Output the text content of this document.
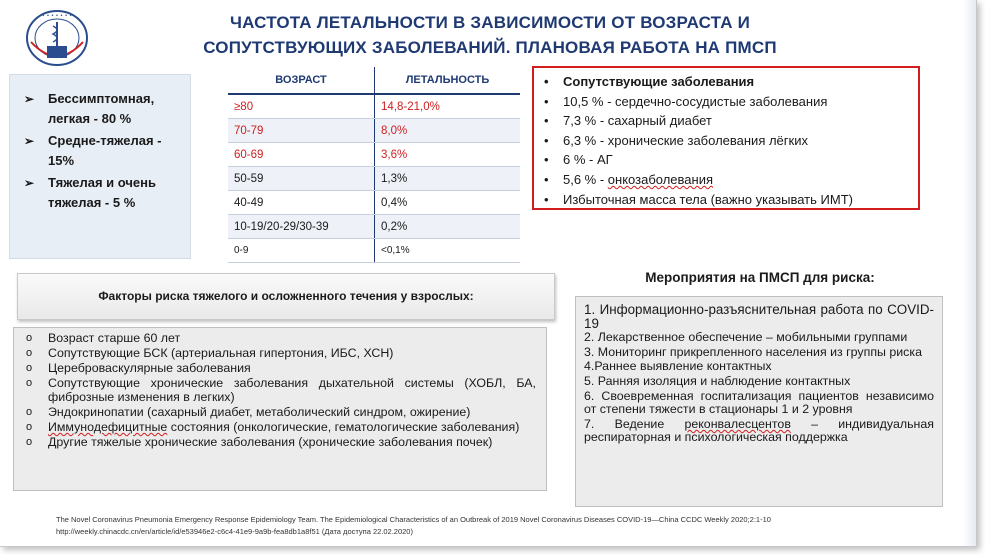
• • • • • • •	ЧАСТОТА ЛЕТАЛЬНОСТИ В ЗАВИСИМОСТИ ОТ ВОЗРАСТА И
СОПУТСТВУЮЩИХ ЗАБОЛЕВАНИЙ. ПЛАНОВАЯ РАБОТА НА ПМСП
➢ Бессимптомная, легкая - 80 %
➢ Средне-тяжелая - 15%
➢ Тяжелая и очень тяжелая - 5 %
ВОЗРАСТ	ЛЕТАЛЬНОСТЬ
≥80	14,8-21,0%
70-79	8,0%
60-69	3,6%
50-59	1,3%
40-49	0,4%
10-19/20-29/30-39	0,2%
0-9	<0,1%
• Сопутствующие заболевания
• 10,5 % - сердечно-сосудистые заболевания
• 7,3 % - сахарный диабет
• 6,3 % - хронические заболевания лёгких
• 6 % - АГ
• 5,6 % - онкозаболевания
• Избыточная масса тела (важно указывать ИМТ)
Факторы риска тяжелого и осложненного течения у взрослых:
o Возраст старше 60 лет
o Сопутствующие БСК (артериальная гипертония, ИБС, ХСН)
o Цереброваскулярные заболевания
o Сопутствующие хронические заболевания дыхательной системы (ХОБЛ, БА, фиброзные изменения в легких)
o Эндокринопатии (сахарный диабет, метаболический синдром, ожирение)
o Иммунодефицитные состояния (онкологические, гематологические заболевания)
o Другие тяжелые хронические заболевания (хронические заболевания почек)
Мероприятия на ПМСП для риска:

1. Информационно-разъяснительная работа по COVID-19

2. Лекарственное обеспечение – мобильными группами

3. Мониторинг прикрепленного населения из группы риска

4.Раннее выявление контактных

5. Ранняя изоляция и наблюдение контактных

6. Своевременная госпитализация пациентов независимо от степени тяжести в стационары 1 и 2 уровня

7. Ведение реконвалесцентов – индивидуальная респираторная и психологическая поддержка

The Novel Coronavirus Pneumonia Emergency Response Epidemiology Team. The Epidemiological Characteristics of an Outbreak of 2019 Novel Coronavirus Diseases COVID-19—China CCDC Weekly 2020;2:1-10
http://weekly.chinacdc.cn/en/article/id/e53946e2-c6c4-41e9-9a9b-fea8db1a8f51 (Дата доступа 22.02.2020)
